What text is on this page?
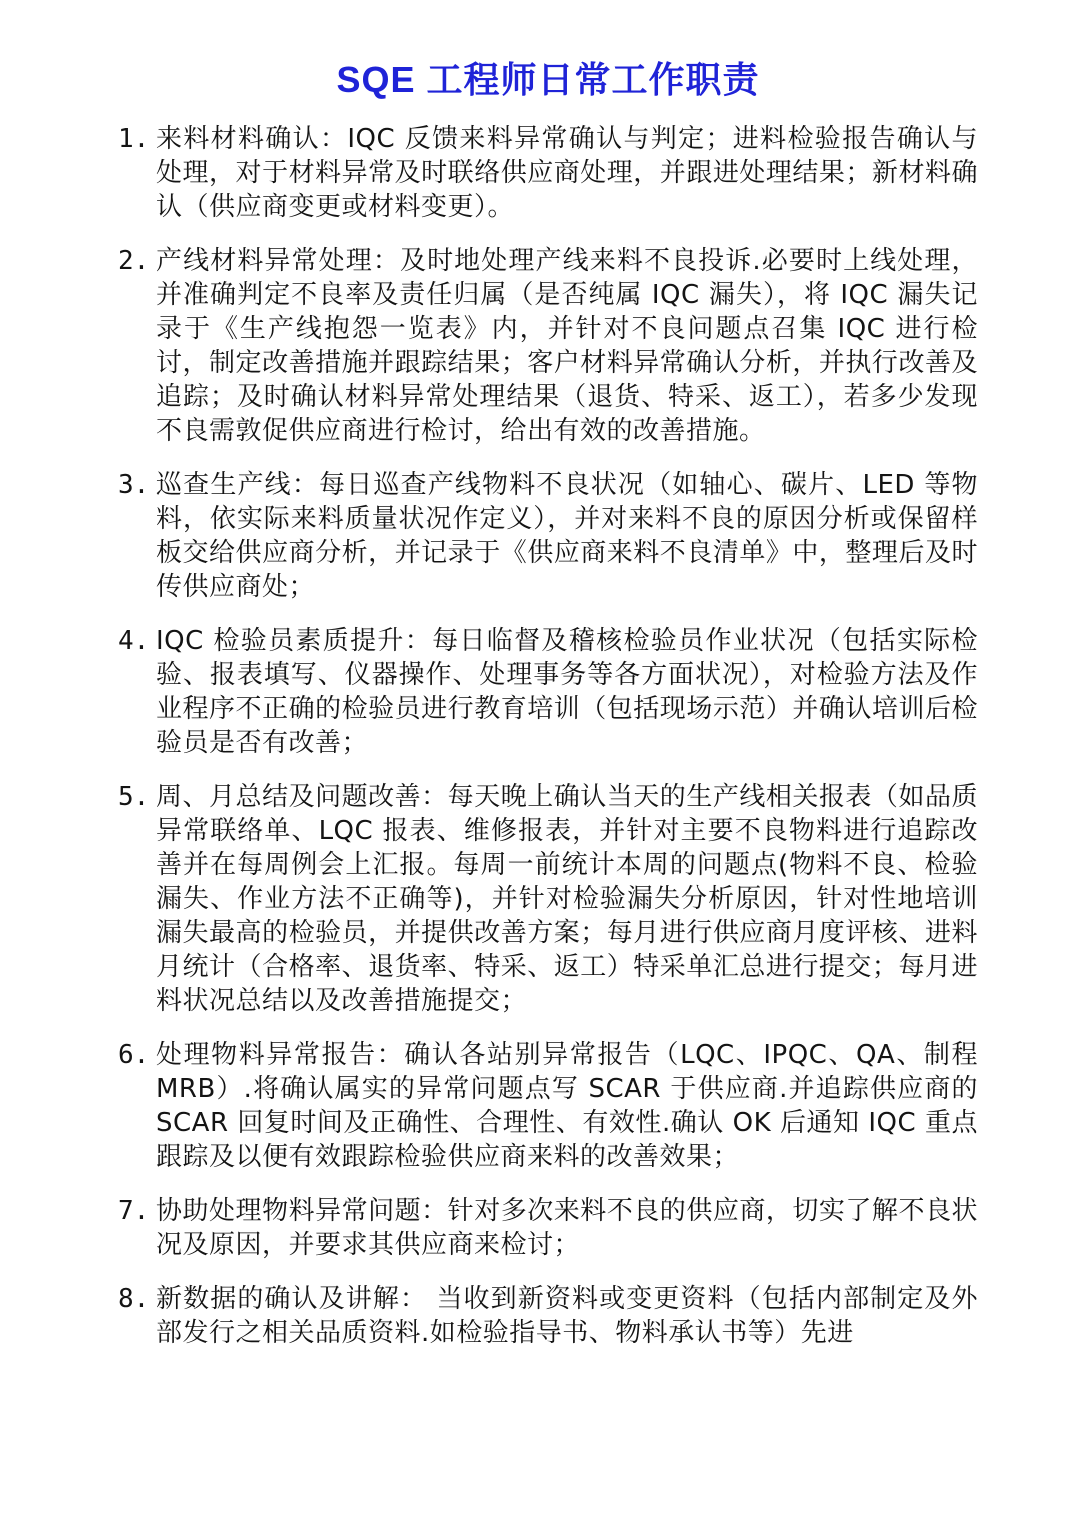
SQE 工程师日常工作职责
1. 来料材料确认：IQC 反馈来料异常确认与判定；进料检验报告确认与处理，对于材料异常及时联络供应商处理，并跟进处理结果；新材料确认（供应商变更或材料变更）。
2. 产线材料异常处理：及时地处理产线来料不良投诉.必要时上线处理，并准确判定不良率及责任归属（是否纯属 IQC 漏失），将 IQC 漏失记录于《生产线抱怨一览表》内，并针对不良问题点召集 IQC 进行检讨，制定改善措施并跟踪结果；客户材料异常确认分析，并执行改善及追踪；及时确认材料异常处理结果（退货、特采、返工），若多少发现不良需敦促供应商进行检讨，给出有效的改善措施。
3. 巡查生产线：每日巡查产线物料不良状况（如轴心、碳片、LED 等物料，依实际来料质量状况作定义），并对来料不良的原因分析或保留样板交给供应商分析，并记录于《供应商来料不良清单》中，整理后及时传供应商处；
4. IQC 检验员素质提升：每日临督及稽核检验员作业状况（包括实际检验、报表填写、仪器操作、处理事务等各方面状况），对检验方法及作业程序不正确的检验员进行教育培训（包括现场示范）并确认培训后检验员是否有改善；
5. 周、月总结及问题改善：每天晚上确认当天的生产线相关报表（如品质异常联络单、LQC 报表、维修报表，并针对主要不良物料进行追踪改善并在每周例会上汇报。每周一前统计本周的问题点(物料不良、检验漏失、作业方法不正确等)，并针对检验漏失分析原因，针对性地培训漏失最高的检验员，并提供改善方案；每月进行供应商月度评核、进料月统计（合格率、退货率、特采、返工）特采单汇总进行提交；每月进料状况总结以及改善措施提交；
6. 处理物料异常报告：确认各站别异常报告（LQC、IPQC、QA、制程 MRB）.将确认属实的异常问题点写 SCAR 于供应商.并追踪供应商的 SCAR 回复时间及正确性、合理性、有效性.确认 OK 后通知 IQC 重点跟踪及以便有效跟踪检验供应商来料的改善效果；
7. 协助处理物料异常问题：针对多次来料不良的供应商，切实了解不良状况及原因，并要求其供应商来检讨；
8. 新数据的确认及讲解： 当收到新资料或变更资料（包括内部制定及外部发行之相关品质资料.如检验指导书、物料承认书等）先进
